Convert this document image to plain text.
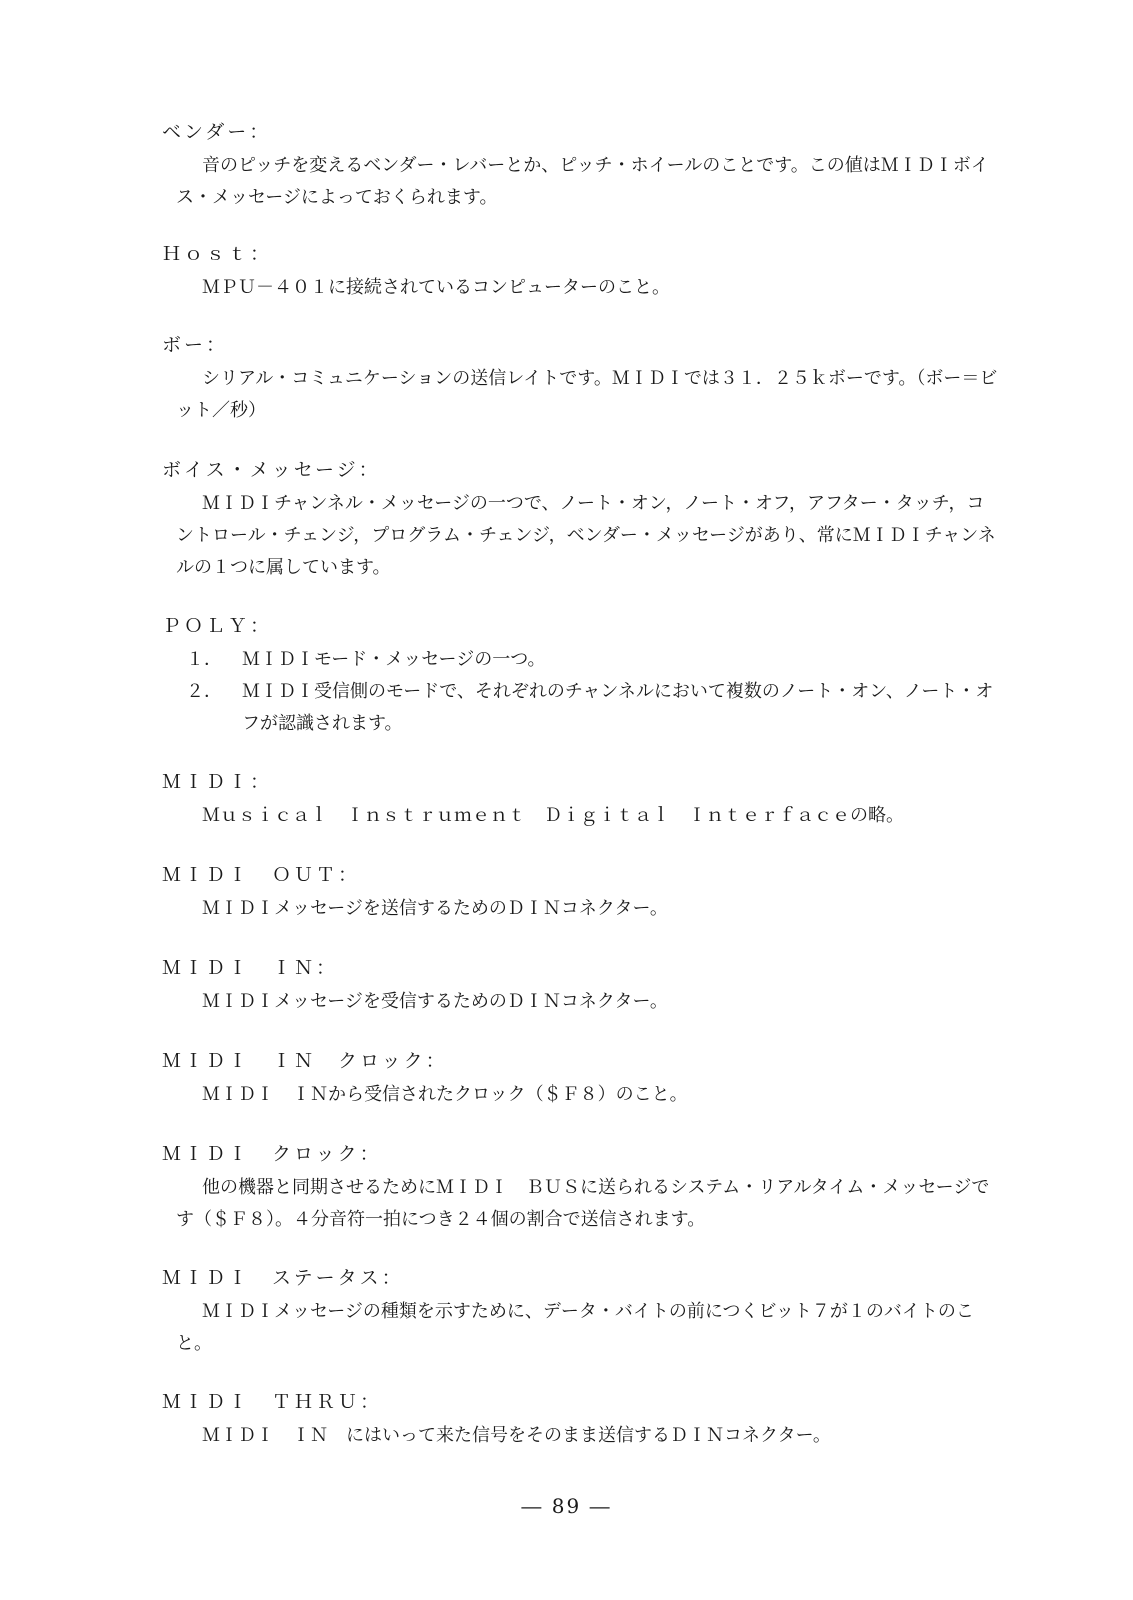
ベンダー：
音のピッチを変えるベンダー・レバーとか、ピッチ・ホイールのことです。この値はＭＩＤＩボイス・メッセージによっておくられます。
Ｈｏｓｔ：
ＭＰＵ－４０１に接続されているコンピューターのこと。
ボー：
シリアル・コミュニケーションの送信レイトです。ＭＩＤＩでは３１．２５ｋボーです。（ボー＝ビット／秒）
ボイス・メッセージ：
ＭＩＤＩチャンネル・メッセージの一つで、ノート・オン，ノート・オフ，アフター・タッチ，コントロール・チェンジ，プログラム・チェンジ，ベンダー・メッセージがあり、常にＭＩＤＩチャンネルの１つに属しています。
ＰＯＬＹ：
１．	ＭＩＤＩモード・メッセージの一つ。
２．	ＭＩＤＩ受信側のモードで、それぞれのチャンネルにおいて複数のノート・オン、ノート・オフが認識されます。
ＭＩＤＩ：
Ｍｕｓｉｃａｌ　Ｉｎｓｔｒｕｍｅｎｔ　Ｄｉｇｉｔａｌ　Ｉｎｔｅｒｆａｃｅの略。
ＭＩＤＩ　ＯＵＴ：
ＭＩＤＩメッセージを送信するためのＤＩＮコネクター。
ＭＩＤＩ　ＩＮ：
ＭＩＤＩメッセージを受信するためのＤＩＮコネクター。
ＭＩＤＩ　ＩＮ　クロック：
ＭＩＤＩ　ＩＮから受信されたクロック（＄Ｆ８）のこと。
ＭＩＤＩ　クロック：
他の機器と同期させるためにＭＩＤＩ　ＢＵＳに送られるシステム・リアルタイム・メッセージです（＄Ｆ８）。４分音符一拍につき２４個の割合で送信されます。
ＭＩＤＩ　ステータス：
ＭＩＤＩメッセージの種類を示すために、データ・バイトの前につくビット７が１のバイトのこと。
ＭＩＤＩ　ＴＨＲＵ：
ＭＩＤＩ　ＩＮ　にはいって来た信号をそのまま送信するＤＩＮコネクター。
― 89 ―
